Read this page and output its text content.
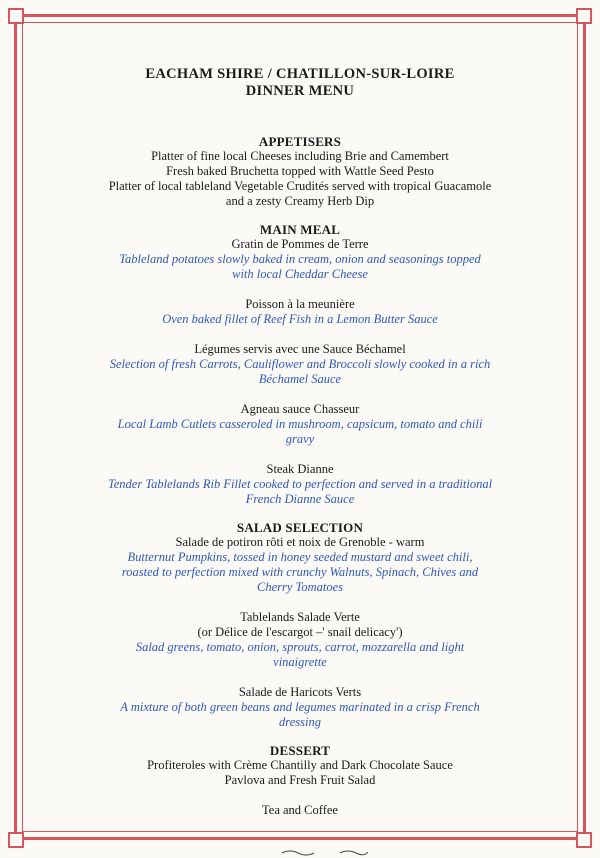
EACHAM SHIRE / CHATILLON-SUR-LOIRE
DINNER MENU
APPETISERS
Platter of fine local Cheeses including Brie and Camembert
Fresh baked Bruchetta topped with Wattle Seed Pesto
Platter of local tableland Vegetable Crudités served with tropical Guacamole
and a zesty Creamy Herb Dip
MAIN MEAL
Gratin de Pommes de Terre
Tableland potatoes slowly baked in cream, onion and seasonings topped
with local Cheddar Cheese
Poisson à la meunière
Oven baked fillet of Reef Fish in a Lemon Butter Sauce
Légumes servis avec une Sauce Béchamel
Selection of fresh Carrots, Cauliflower and Broccoli slowly cooked in a rich
Béchamel Sauce
Agneau sauce Chasseur
Local Lamb Cutlets casseroled in mushroom, capsicum, tomato and chili
gravy
Steak Dianne
Tender Tablelands Rib Fillet cooked to perfection and served in a traditional
French Dianne Sauce
SALAD SELECTION
Salade de potiron rôti et noix de Grenoble - warm
Butternut Pumpkins, tossed in honey seeded mustard and sweet chili,
roasted to perfection mixed with crunchy Walnuts, Spinach, Chives and
Cherry Tomatoes
Tablelands Salade Verte
(or Délice de l'escargot –' snail delicacy')
Salad greens, tomato, onion, sprouts, carrot, mozzarella and light
vinaigrette
Salade de Haricots Verts
A mixture of both green beans and legumes marinated in a crisp French
dressing
DESSERT
Profiteroles with Crème Chantilly and Dark Chocolate Sauce
Pavlova and Fresh Fruit Salad
Tea and Coffee
